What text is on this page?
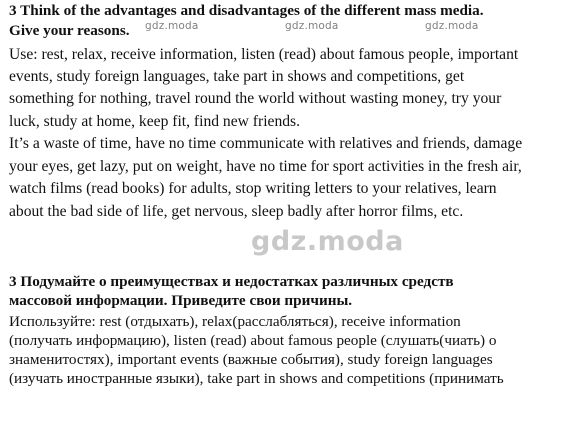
3 Think of the advantages and disadvantages of the different mass media.
Give your reasons.
Use: rest, relax, receive information, listen (read) about famous people, important
events, study foreign languages, take part in shows and competitions, get
something for nothing, travel round the world without wasting money, try your
luck, study at home, keep fit, find new friends.
It’s a waste of time, have no time communicate with relatives and friends, damage
your eyes, get lazy, put on weight, have no time for sport activities in the fresh air,
watch films (read books) for adults, stop writing letters to your relatives, learn
about the bad side of life, get nervous, sleep badly after horror films, etc.
3 Подумайте о преимуществах и недостатках различных средств
массовой информации. Приведите свои причины.
Используйте: rest (отдыхать), relax(расслабляться), receive information
(получать информацию), listen (read) about famous people (слушать(чиать) о
знаменитостях), important events (важные события), study foreign languages
(изучать иностранные языки), take part in shows and competitions (принимать
gdz.moda	gdz.moda	gdz.moda
gdz.moda
